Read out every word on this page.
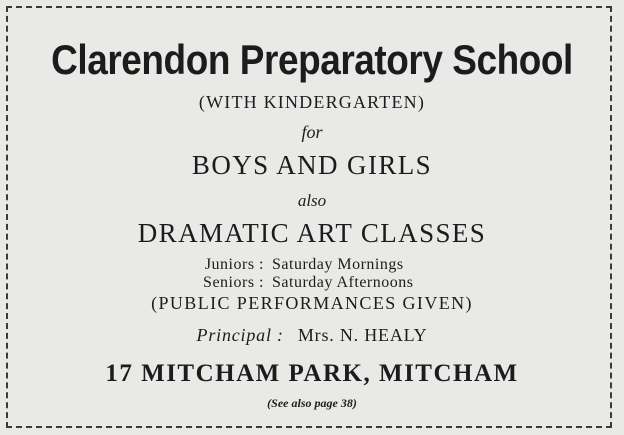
Clarendon Preparatory School
(WITH KINDERGARTEN)
for
BOYS AND GIRLS
also
DRAMATIC ART CLASSES
Juniors : Saturday Mornings
Seniors : Saturday Afternoons
(PUBLIC PERFORMANCES GIVEN)
Principal : Mrs. N. HEALY
17 MITCHAM PARK, MITCHAM
(See also page 38)
